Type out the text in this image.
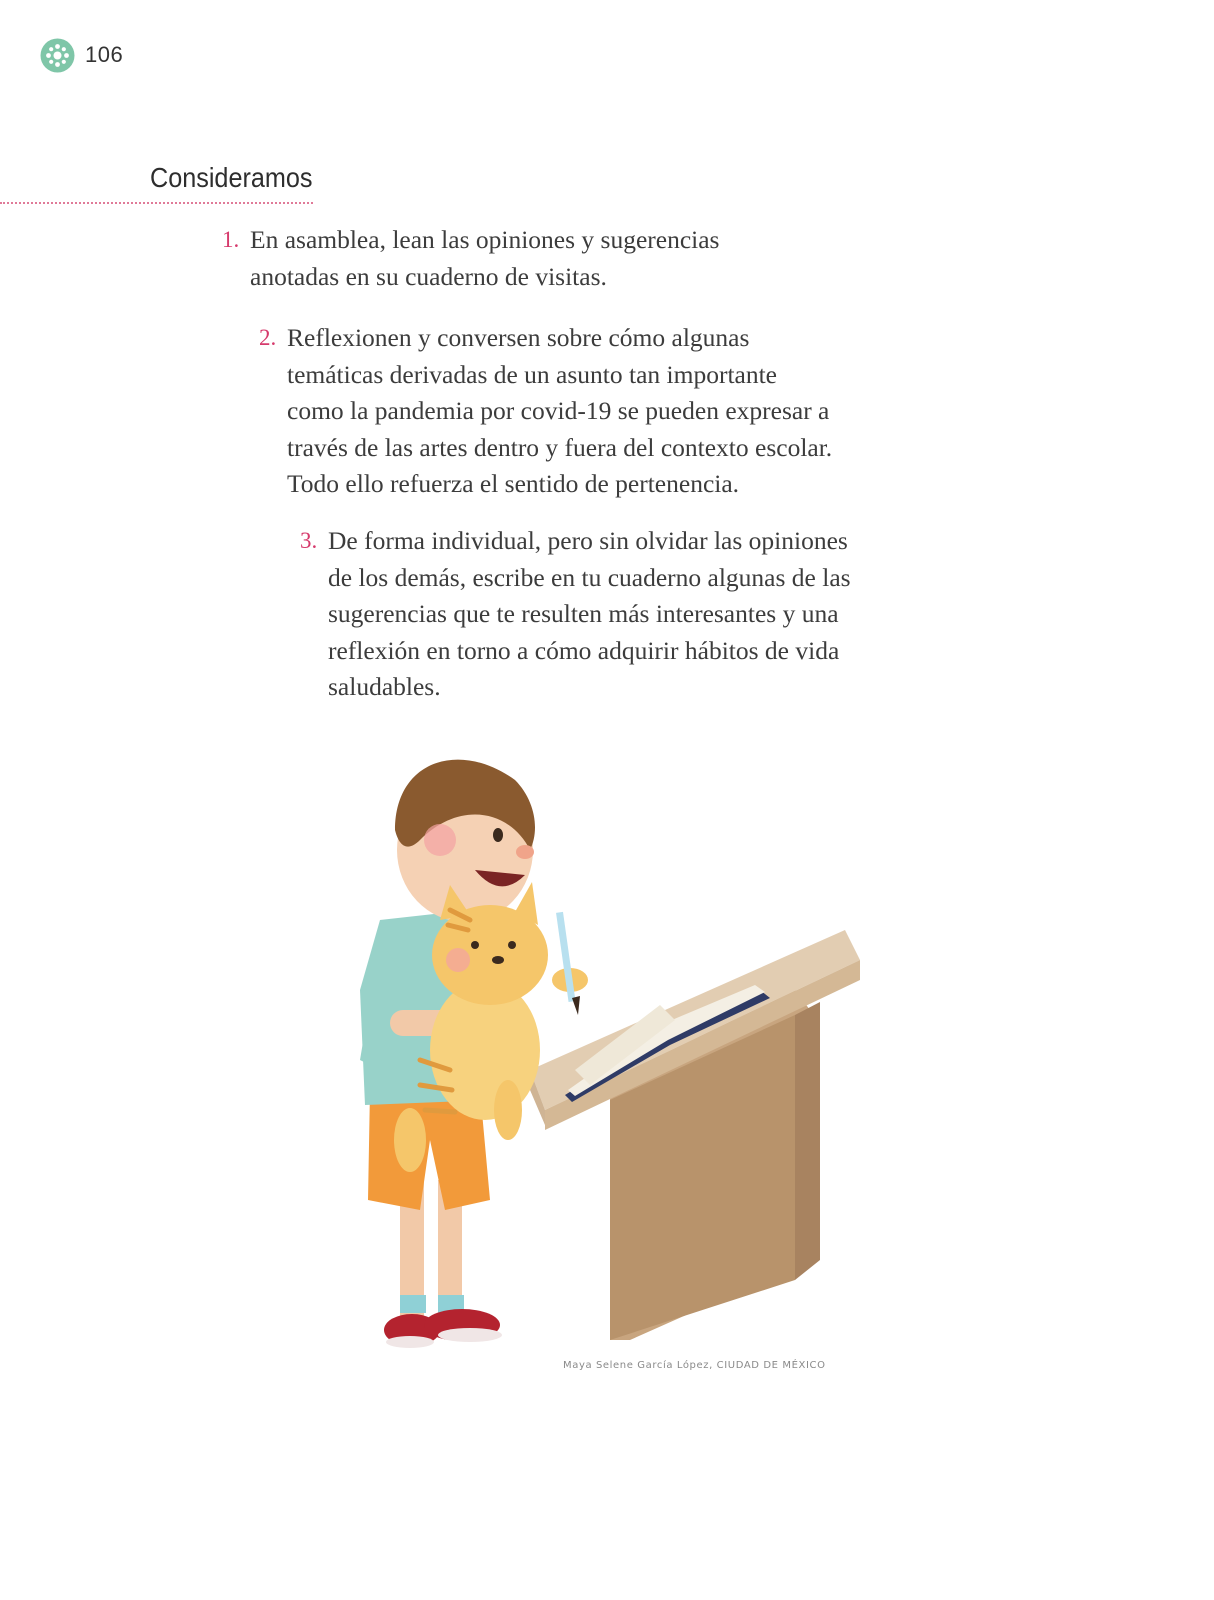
106
Consideramos
1. En asamblea, lean las opiniones y sugerencias
anotadas en su cuaderno de visitas.
2. Reflexionen y conversen sobre cómo algunas
temáticas derivadas de un asunto tan importante
como la pandemia por covid-19 se pueden expresar a
través de las artes dentro y fuera del contexto escolar.
Todo ello refuerza el sentido de pertenencia.
3. De forma individual, pero sin olvidar las opiniones
de los demás, escribe en tu cuaderno algunas de las
sugerencias que te resulten más interesantes y una
reflexión en torno a cómo adquirir hábitos de vida
saludables.
Maya Selene García López, CIUDAD DE MÉXICO
